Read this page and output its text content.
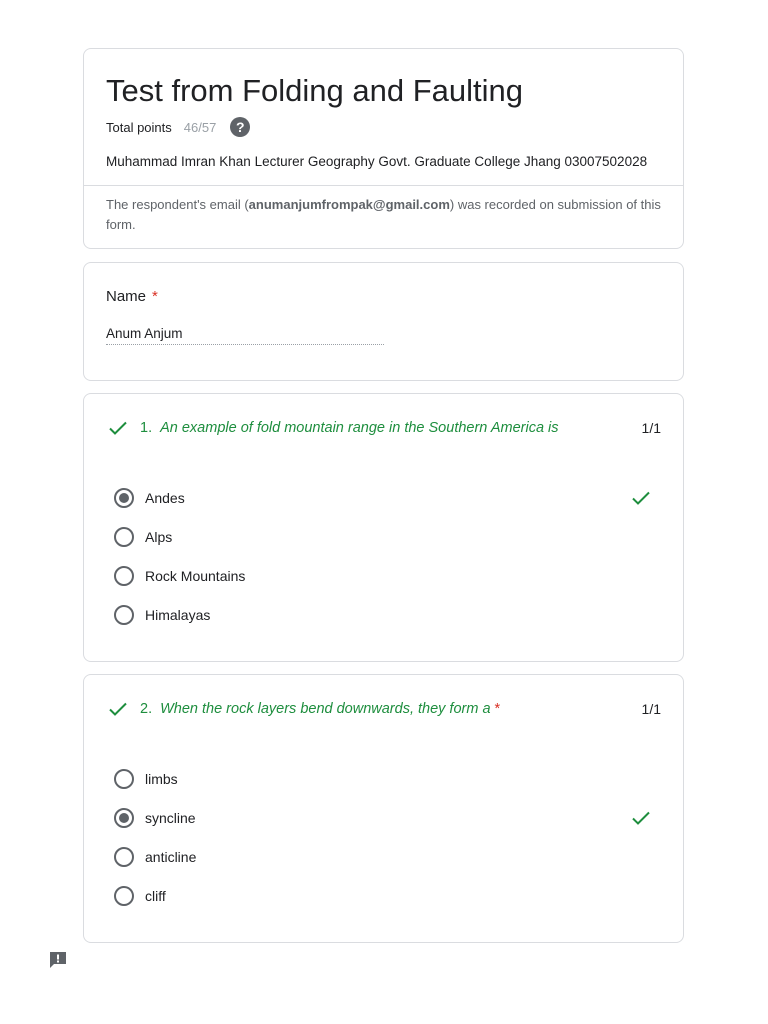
Test from Folding and Faulting
Total points 46/57	?
Muhammad Imran Khan Lecturer Geography Govt. Graduate College Jhang 03007502028
The respondent's email (anumanjumfrompak@gmail.com) was recorded on submission of this form.
Name *
Anum Anjum
1. An example of fold mountain range in the Southern America is	1/1
Andes
Alps
Rock Mountains
Himalayas
2. When the rock layers bend downwards, they form a *	1/1
limbs
syncline
anticline
cliff
